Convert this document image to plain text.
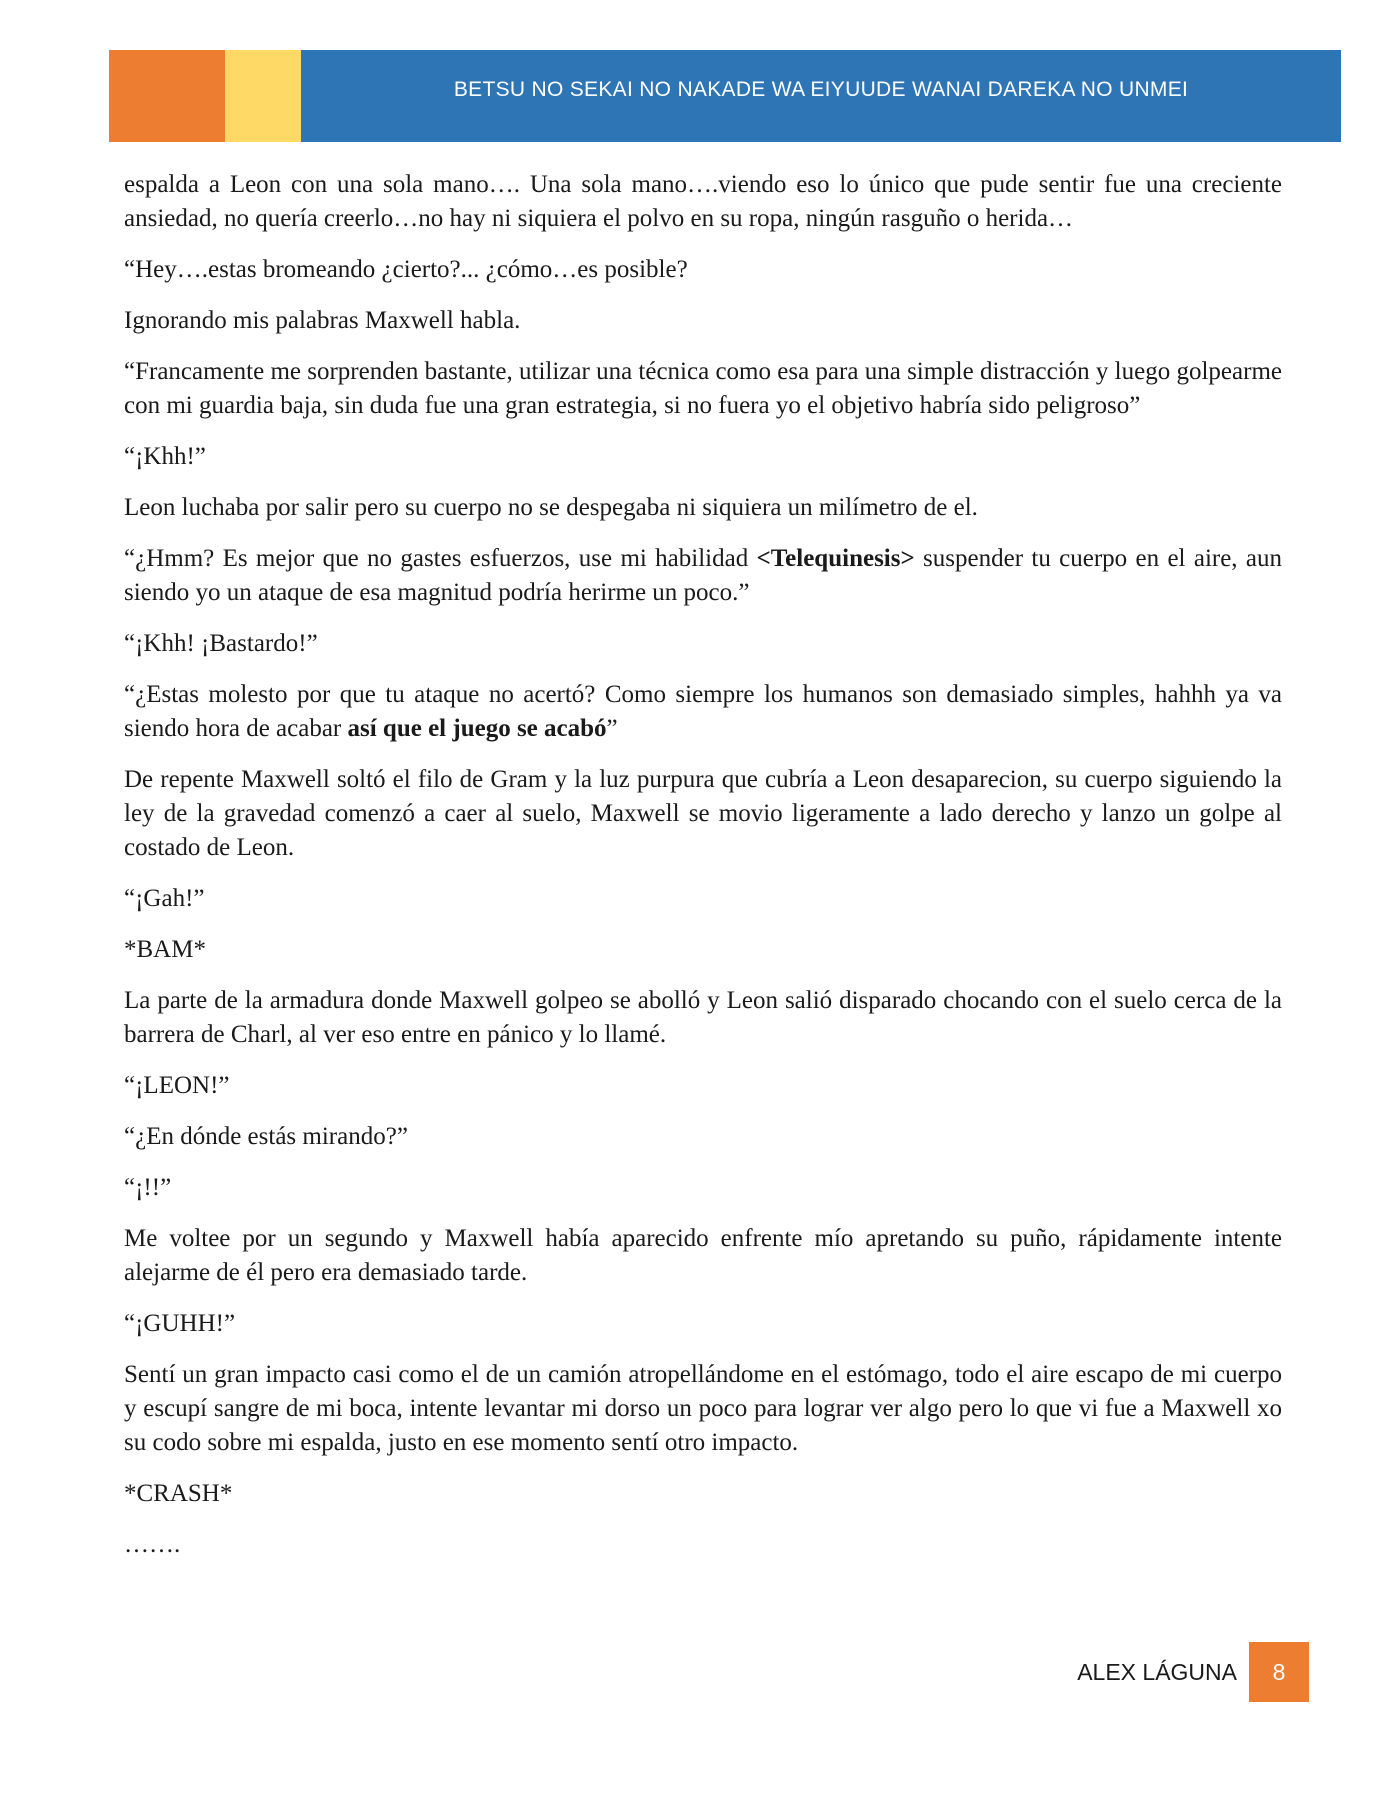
BETSU NO SEKAI NO NAKADE WA EIYUUDE WANAI DAREKA NO UNMEI

espalda a Leon con una sola mano…. Una sola mano….viendo eso lo único que pude sentir fue una creciente ansiedad, no quería creerlo…no hay ni siquiera el polvo en su ropa, ningún rasguño o herida…

“Hey….estas bromeando ¿cierto?... ¿cómo…es posible?

Ignorando mis palabras Maxwell habla.

“Francamente me sorprenden bastante, utilizar una técnica como esa para una simple distracción y luego golpearme con mi guardia baja, sin duda fue una gran estrategia, si no fuera yo el objetivo habría sido peligroso”

“¡Khh!”

Leon luchaba por salir pero su cuerpo no se despegaba ni siquiera un milímetro de el.

“¿Hmm? Es mejor que no gastes esfuerzos, use mi habilidad <Telequinesis> suspender tu cuerpo en el aire, aun siendo yo un ataque de esa magnitud podría herirme un poco.”

“¡Khh! ¡Bastardo!”

“¿Estas molesto por que tu ataque no acertó? Como siempre los humanos son demasiado simples, hahhh ya va siendo hora de acabar así que el juego se acabó”

De repente Maxwell soltó el filo de Gram y la luz purpura que cubría a Leon desaparecion, su cuerpo siguiendo la ley de la gravedad comenzó a caer al suelo, Maxwell se movio ligeramente a lado derecho y lanzo un golpe al costado de Leon.

“¡Gah!”

*BAM*

La parte de la armadura donde Maxwell golpeo se abolló y Leon salió disparado chocando con el suelo cerca de la barrera de Charl, al ver eso entre en pánico y lo llamé.

“¡LEON!”

“¿En dónde estás mirando?”

“¡!!”

Me voltee por un segundo y Maxwell había aparecido enfrente mío apretando su puño, rápidamente intente alejarme de él pero era demasiado tarde.

“¡GUHH!”

Sentí un gran impacto casi como el de un camión atropellándome en el estómago, todo el aire escapo de mi cuerpo y escupí sangre de mi boca, intente levantar mi dorso un poco para lograr ver algo pero lo que vi fue a Maxwell xo su codo sobre mi espalda, justo en ese momento sentí otro impacto.

*CRASH*

…….

ALEX LÁGUNA	8
